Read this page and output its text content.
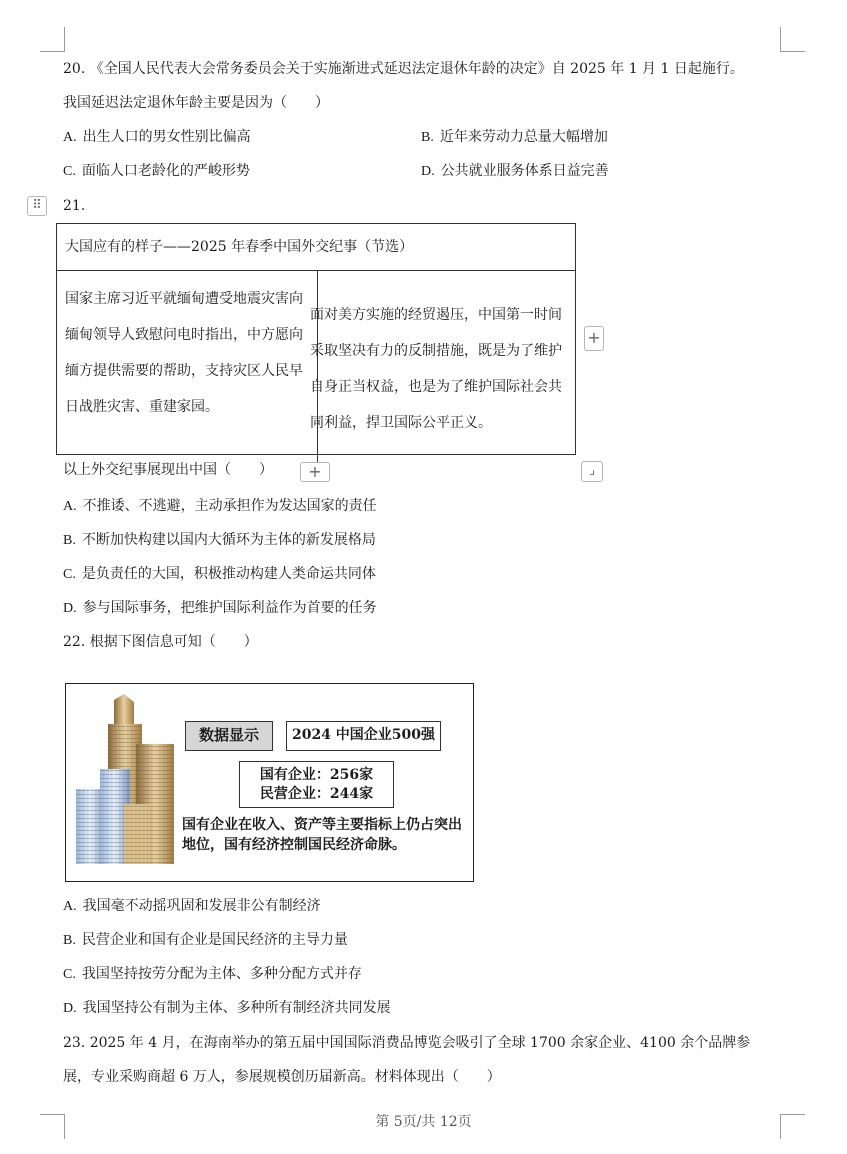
20. 《全国人民代表大会常务委员会关于实施渐进式延迟法定退休年龄的决定》自 2025 年 1 月 1 日起施行。
我国延迟法定退休年龄主要是因为（　　）
A. 出生人口的男女性别比偏高	B. 近年来劳动力总量大幅增加
C. 面临人口老龄化的严峻形势	D. 公共就业服务体系日益完善
⠿	21.
大国应有的样子——2025 年春季中国外交纪事（节选）
国家主席习近平就缅甸遭受地震灾害向缅甸领导人致慰问电时指出，中方愿向缅方提供需要的帮助，支持灾区人民早日战胜灾害、重建家园。
面对美方实施的经贸遏压，中国第一时间采取坚决有力的反制措施，既是为了维护自身正当权益，也是为了维护国际社会共同利益，捍卫国际公平正义。
+
+	⌟
以上外交纪事展现出中国（　　）
A. 不推诿、不逃避，主动承担作为发达国家的责任
B. 不断加快构建以国内大循环为主体的新发展格局
C. 是负责任的大国，积极推动构建人类命运共同体
D. 参与国际事务，把维护国际利益作为首要的任务
22. 根据下图信息可知（　　）
数据显示	2024 中国企业500强
国有企业：256家
民营企业：244家
国有企业在收入、资产等主要指标上仍占突出地位，国有经济控制国民经济命脉。
A. 我国毫不动摇巩固和发展非公有制经济
B. 民营企业和国有企业是国民经济的主导力量
C. 我国坚持按劳分配为主体、多种分配方式并存
D. 我国坚持公有制为主体、多种所有制经济共同发展
23. 2025 年 4 月，在海南举办的第五届中国国际消费品博览会吸引了全球 1700 余家企业、4100 余个品牌参
展，专业采购商超 6 万人，参展规模创历届新高。材料体现出（　　）
第 5页/共 12页
